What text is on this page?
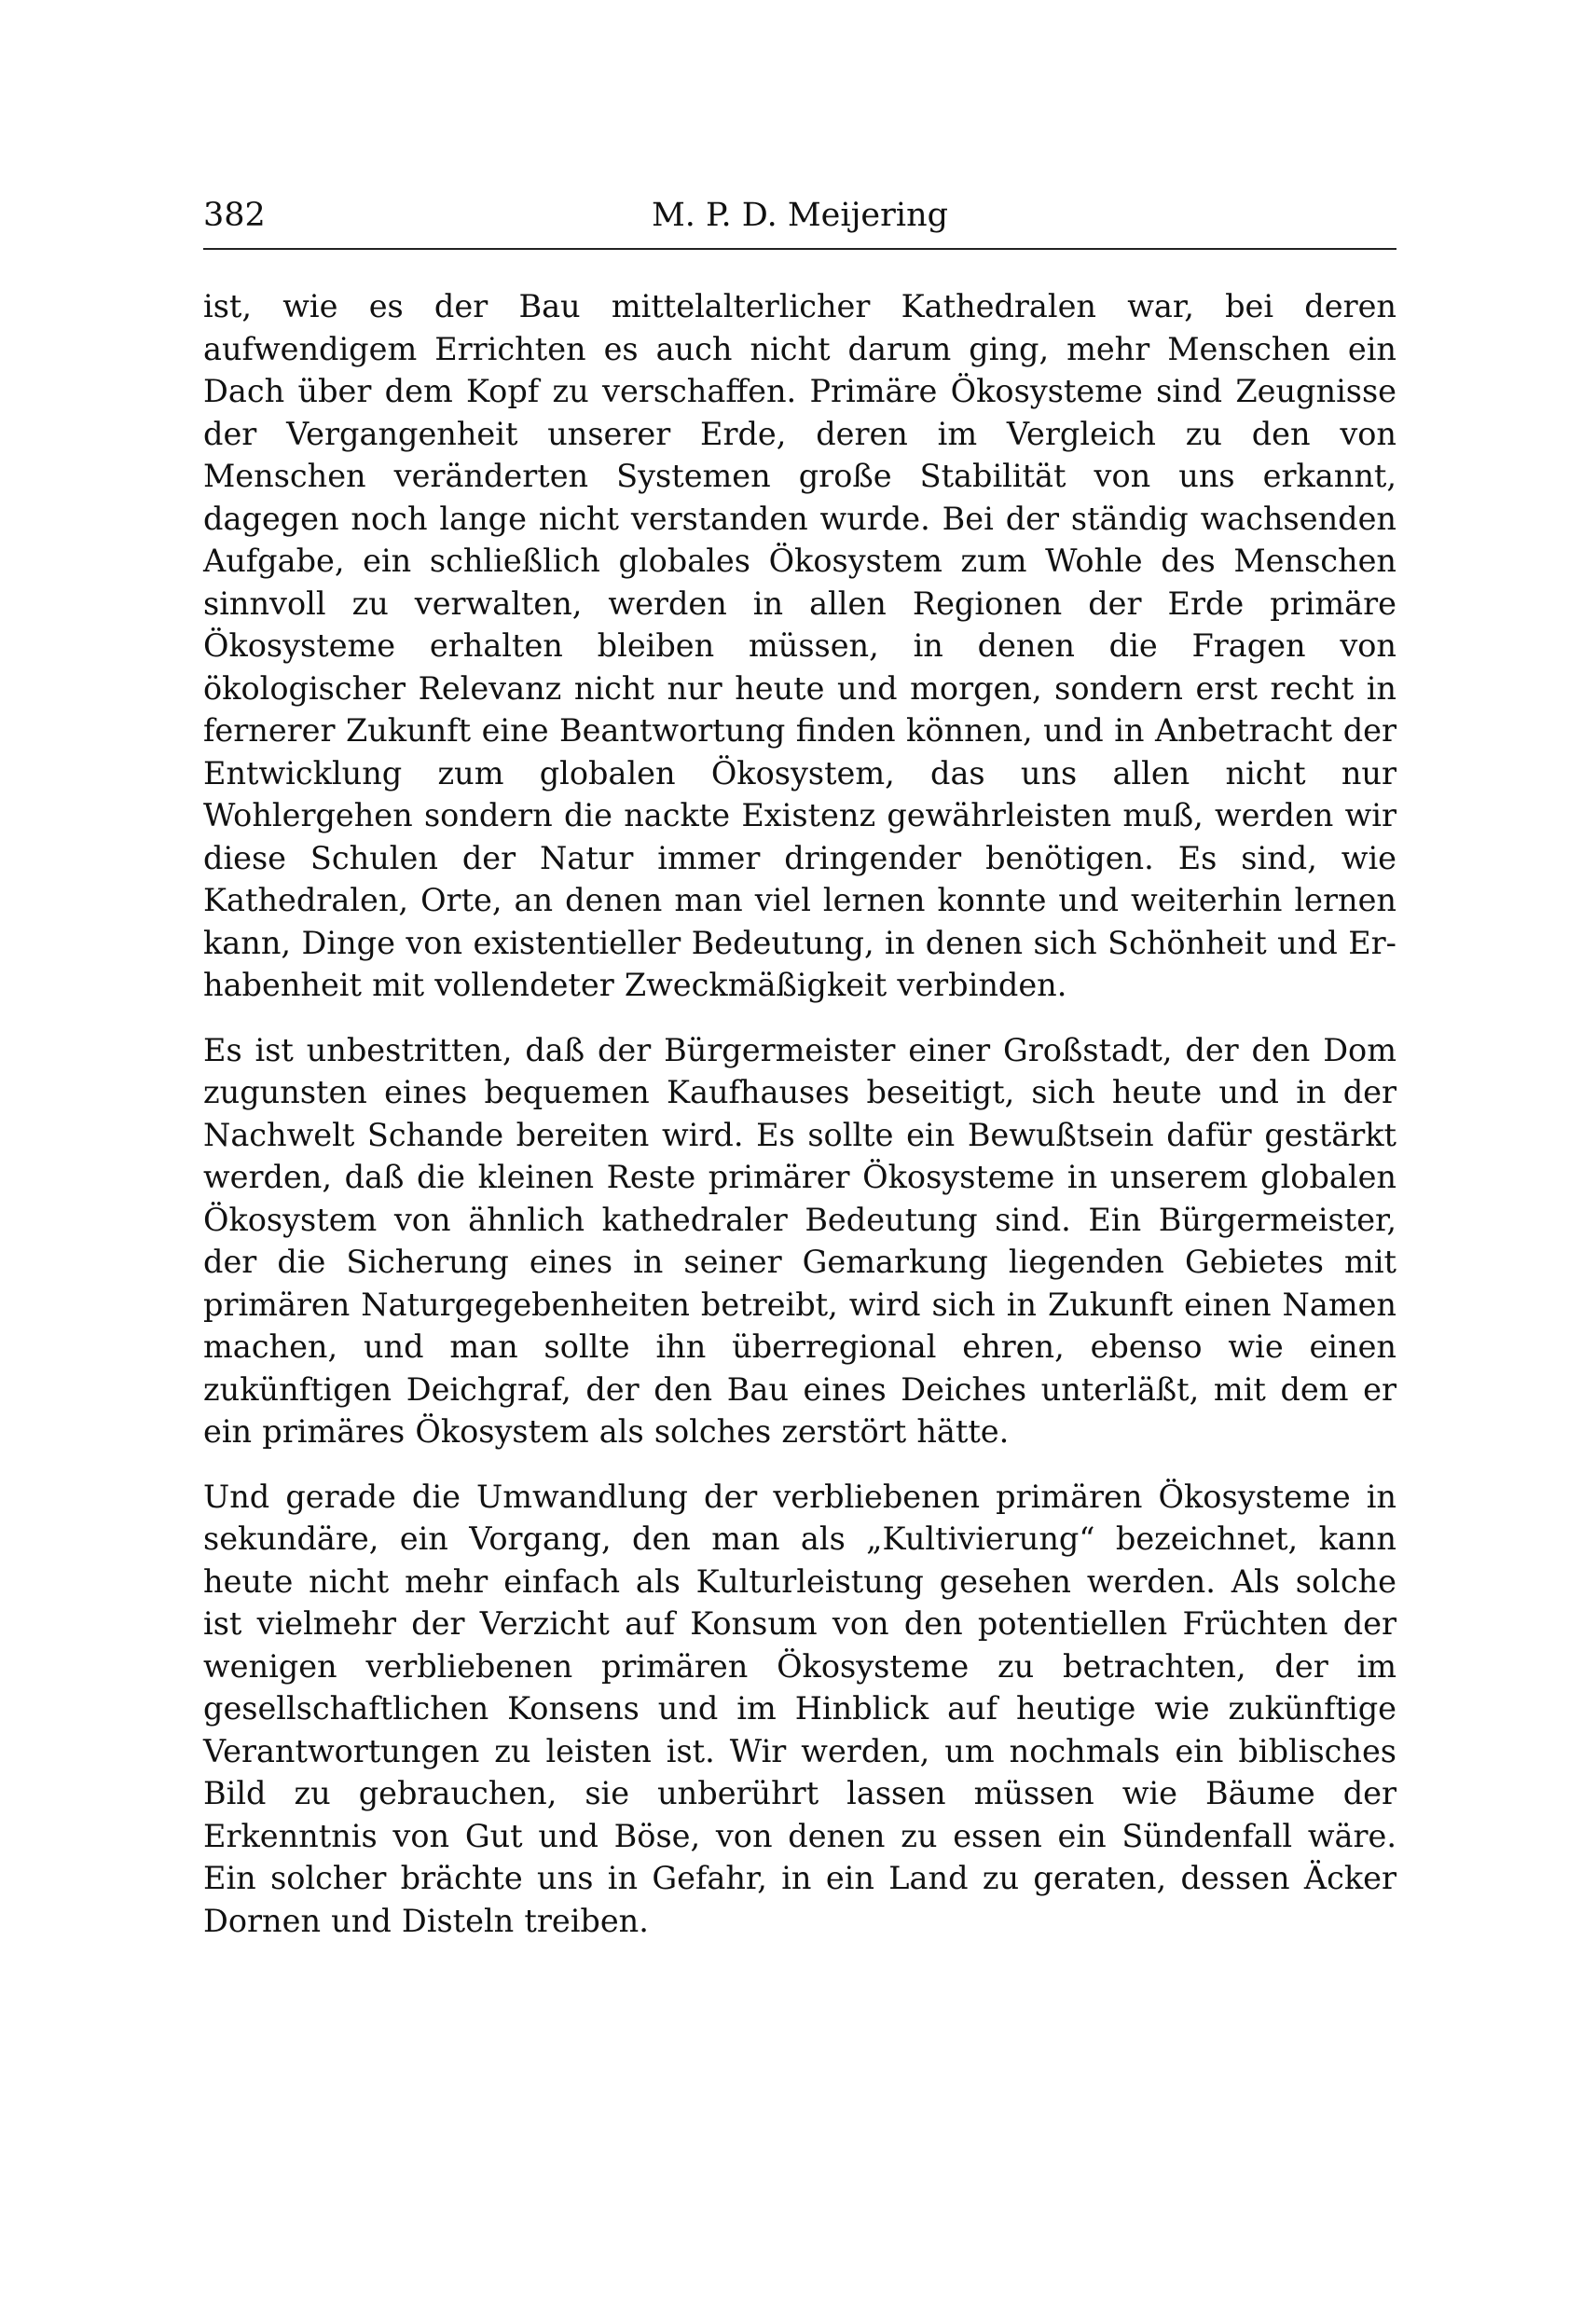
382	M. P. D. Meijering

ist, wie es der Bau mittelalterlicher Kathedralen war, bei deren aufwendigem Errichten es auch nicht darum ging, mehr Menschen ein Dach über dem Kopf zu verschaffen. Primäre Ökosysteme sind Zeugnisse der Vergangenheit unserer Erde, deren im Vergleich zu den von Menschen veränderten Systemen große Stabilität von uns erkannt, dagegen noch lange nicht verstanden wurde. Bei der ständig wachsenden Aufgabe, ein schließlich globales Ökosystem zum Wohle des Menschen sinnvoll zu verwalten, werden in allen Regionen der Erde primäre Ökosysteme erhalten bleiben müssen, in denen die Fragen von ökologischer Relevanz nicht nur heute und morgen, sondern erst recht in fernerer Zukunft eine Beantwortung finden können, und in Anbetracht der Entwicklung zum globalen Ökosystem, das uns allen nicht nur Wohlergehen sondern die nackte Existenz gewährleisten muß, werden wir diese Schulen der Natur immer dringender benötigen. Es sind, wie Kathedralen, Orte, an denen man viel lernen konnte und weiterhin lernen kann, Dinge von existentieller Bedeutung, in denen sich Schönheit und Erhabenheit mit vollendeter Zweckmäßigkeit verbinden.

Es ist unbestritten, daß der Bürgermeister einer Großstadt, der den Dom zugunsten eines bequemen Kaufhauses beseitigt, sich heute und in der Nachwelt Schande bereiten wird. Es sollte ein Bewußtsein dafür gestärkt werden, daß die kleinen Reste primärer Ökosysteme in unserem globalen Ökosystem von ähnlich kathedraler Bedeutung sind. Ein Bürgermeister, der die Sicherung eines in seiner Gemarkung liegenden Gebietes mit primären Naturgegebenheiten betreibt, wird sich in Zukunft einen Namen machen, und man sollte ihn überregional ehren, ebenso wie einen zukünftigen Deichgraf, der den Bau eines Deiches unterläßt, mit dem er ein primäres Ökosystem als solches zerstört hätte.

Und gerade die Umwandlung der verbliebenen primären Ökosysteme in sekundäre, ein Vorgang, den man als „Kultivierung“ bezeichnet, kann heute nicht mehr einfach als Kulturleistung gesehen werden. Als solche ist vielmehr der Verzicht auf Konsum von den potentiellen Früchten der wenigen verbliebenen primären Ökosysteme zu betrachten, der im gesellschaftlichen Konsens und im Hinblick auf heutige wie zukünftige Verantwortungen zu leisten ist. Wir werden, um nochmals ein biblisches Bild zu gebrauchen, sie unberührt lassen müssen wie Bäume der Erkenntnis von Gut und Böse, von denen zu essen ein Sündenfall wäre. Ein solcher brächte uns in Gefahr, in ein Land zu geraten, dessen Äcker Dornen und Disteln treiben.
